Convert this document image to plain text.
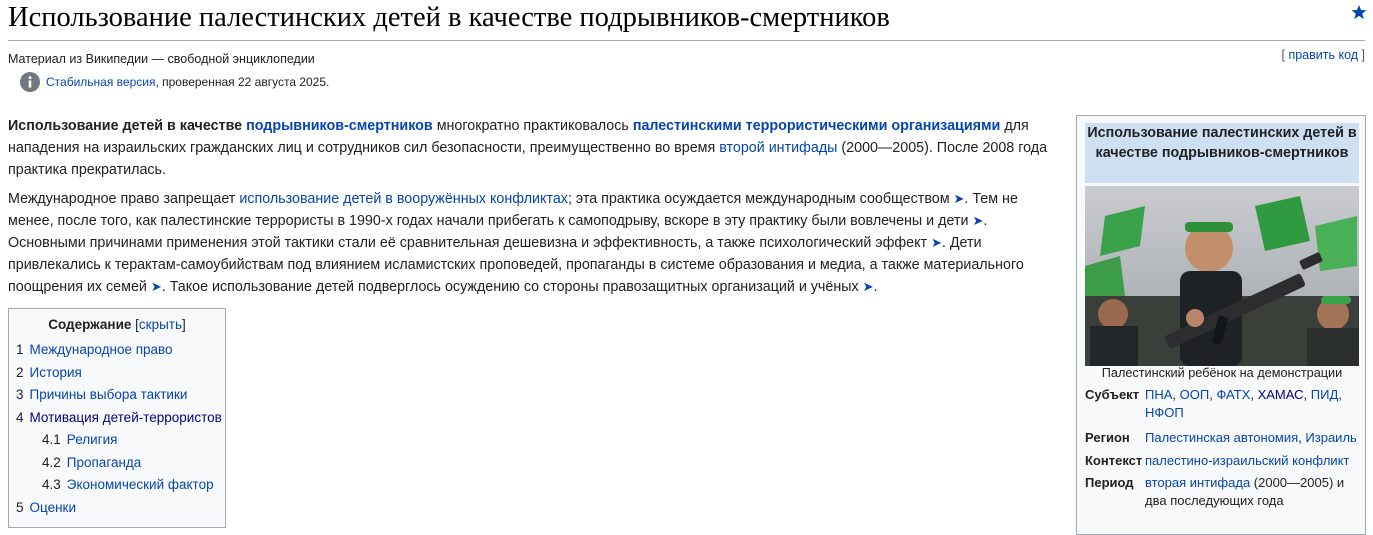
Использование палестинских детей в качестве подрывников-смертников
Материал из Википедии — свободной энциклопедии	[ править код ]
Стабильная версия , проверенная 22 августа 2025.

Использование детей в качестве подрывников-смертников многократно практиковалось палестинскими террористическими организациями для нападения на израильских гражданских лиц и сотрудников сил безопасности, преимущественно во время второй интифады (2000—2005). После 2008 года практика прекратилась.

Международное право запрещает использование детей в вооружённых конфликтах; эта практика осуждается международным сообществом ➤. Тем не менее, после того, как палестинские террористы в 1990-х годах начали прибегать к самоподрыву, вскоре в эту практику были вовлечены и дети ➤. Основными причинами применения этой тактики стали её сравнительная дешевизна и эффективность, а также психологический эффект ➤. Дети привлекались к терактам-самоубийствам под влиянием исламистских проповедей, пропаганды в системе образования и медиа, а также материального поощрения их семей ➤. Такое использование детей подверглось осуждению со стороны правозащитных организаций и учёных ➤.

Содержание [скрыть]
1 Международное право
2 История
3 Причины выбора тактики
4 Мотивация детей-террористов
4.1 Религия
4.2 Пропаганда
4.3 Экономический фактор
5 Оценки
Использование палестинских детей в качестве подрывников-смертников
Палестинский ребёнок на демонстрации
Субъект ПНА, ООП, ФАТХ, ХАМАС, ПИД, НФОП
Регион	Палестинская автономия, Израиль
Контекст палестино-израильский конфликт
Период вторая интифада (2000—2005) и два последующих года
